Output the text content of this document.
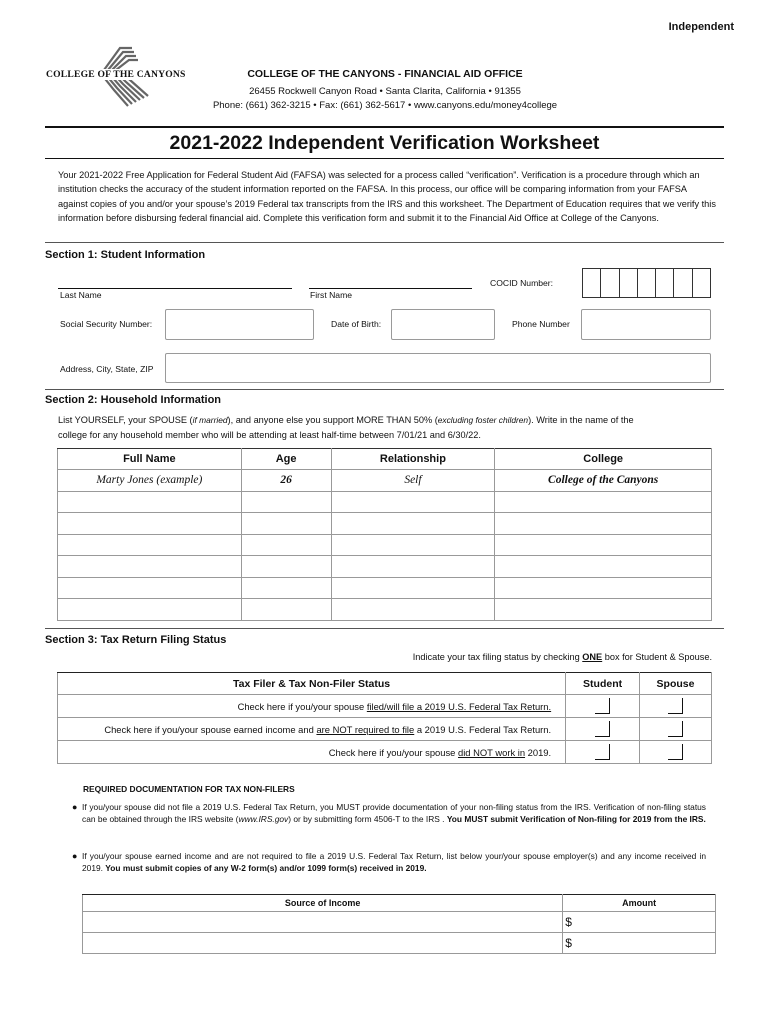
Independent
COLLEGE OF THE CANYONS	COLLEGE OF THE CANYONS - FINANCIAL AID OFFICE
26455 Rockwell Canyon Road • Santa Clarita, California • 91355
Phone: (661) 362-3215 • Fax: (661) 362-5617 • www.canyons.edu/money4college
2021-2022 Independent Verification Worksheet
Your 2021-2022 Free Application for Federal Student Aid (FAFSA) was selected for a process called “verification”. Verification is a procedure through which an institution checks the accuracy of the student information reported on the FAFSA. In this process, our office will be comparing information from your FAFSA against copies of you and/or your spouse’s 2019 Federal tax transcripts from the IRS and this worksheet. The Department of Education requires that we verify this information before disbursing federal financial aid. Complete this verification form and submit it to the Financial Aid Office at College of the Canyons.
Section 1: Student Information
COCID Number:
Last Name	First Name
Social Security Number:	Date of Birth:	Phone Number
Address, City, State, ZIP
Section 2: Household Information
List YOURSELF, your SPOUSE (if married), and anyone else you support MORE THAN 50% (excluding foster children). Write in the name of the
college for any household member who will be attending at least half-time between 7/01/21 and 6/30/22.
Full Name	Age	Relationship	College
Marty Jones (example)	26	Self	College of the Canyons

Section 3: Tax Return Filing Status
Indicate your tax filing status by checking ONE box for Student & Spouse.
Tax Filer & Tax Non-Filer Status	Student	Spouse
Check here if you/your spouse filed/will file a 2019 U.S. Federal Tax Return.		
Check here if you/your spouse earned income and are NOT required to file a 2019 U.S. Federal Tax Return.		
Check here if you/your spouse did NOT work in 2019.		
REQUIRED DOCUMENTATION FOR TAX NON-FILERS
● If you/your spouse did not file a 2019 U.S. Federal Tax Return, you MUST provide documentation of your non-filing status from the IRS. Verification of non-filing status can be obtained through the IRS website (www.IRS.gov) or by submitting form 4506-T to the IRS . You MUST submit Verification of Non-filing for 2019 from the IRS.
● If you/your spouse earned income and are not required to file a 2019 U.S. Federal Tax Return, list below your/your spouse employer(s) and any income received in 2019. You must submit copies of any W-2 form(s) and/or 1099 form(s) received in 2019.
Source of Income	Amount
	$
	$
